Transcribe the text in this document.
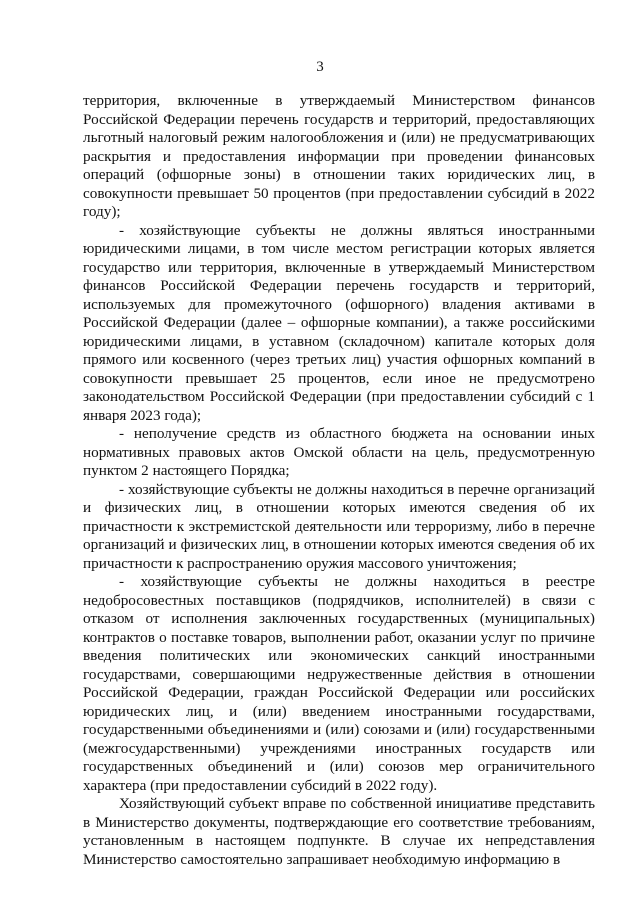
3

территория, включенные в утверждаемый Министерством финансов Российской Федерации перечень государств и территорий, предоставляющих льготный налоговый режим налогообложения и (или) не предусматривающих раскрытия и предоставления информации при проведении финансовых операций (офшорные зоны) в отношении таких юридических лиц, в совокупности превышает 50 процентов (при предоставлении субсидий в 2022 году);

- хозяйствующие субъекты не должны являться иностранными юридическими лицами, в том числе местом регистрации которых является государство или территория, включенные в утверждаемый Министерством финансов Российской Федерации перечень государств и территорий, используемых для промежуточного (офшорного) владения активами в Российской Федерации (далее – офшорные компании), а также российскими юридическими лицами, в уставном (складочном) капитале которых доля прямого или косвенного (через третьих лиц) участия офшорных компаний в совокупности превышает 25 процентов, если иное не предусмотрено законодательством Российской Федерации (при предоставлении субсидий с 1 января 2023 года);

- неполучение средств из областного бюджета на основании иных нормативных правовых актов Омской области на цель, предусмотренную пунктом 2 настоящего Порядка;

- хозяйствующие субъекты не должны находиться в перечне организаций и физических лиц, в отношении которых имеются сведения об их причастности к экстремистской деятельности или терроризму, либо в перечне организаций и физических лиц, в отношении которых имеются сведения об их причастности к распространению оружия массового уничтожения;

- хозяйствующие субъекты не должны находиться в реестре недобросовестных поставщиков (подрядчиков, исполнителей) в связи с отказом от исполнения заключенных государственных (муниципальных) контрактов о поставке товаров, выполнении работ, оказании услуг по причине введения политических или экономических санкций иностранными государствами, совершающими недружественные действия в отношении Российской Федерации, граждан Российской Федерации или российских юридических лиц, и (или) введением иностранными государствами, государственными объединениями и (или) союзами и (или) государственными (межгосударственными) учреждениями иностранных государств или государственных объединений и (или) союзов мер ограничительного характера (при предоставлении субсидий в 2022 году).

Хозяйствующий субъект вправе по собственной инициативе представить в Министерство документы, подтверждающие его соответствие требованиям, установленным в настоящем подпункте. В случае их непредставления Министерство самостоятельно запрашивает необходимую информацию в
